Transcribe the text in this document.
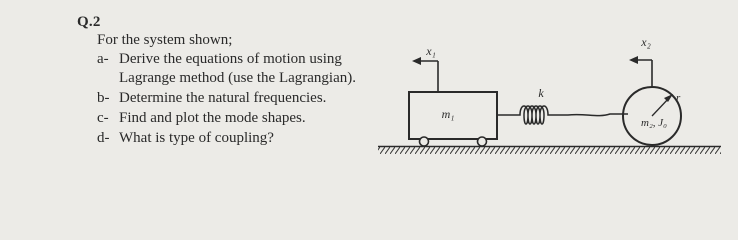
Q.2
For the system shown;
a- Derive the equations of motion using Lagrange method (use the Lagrangian).
b- Determine the natural frequencies.
c- Find and plot the mode shapes.
d- What is type of coupling?
m₁
x₁
k	r
m₂, J₀
x₂
